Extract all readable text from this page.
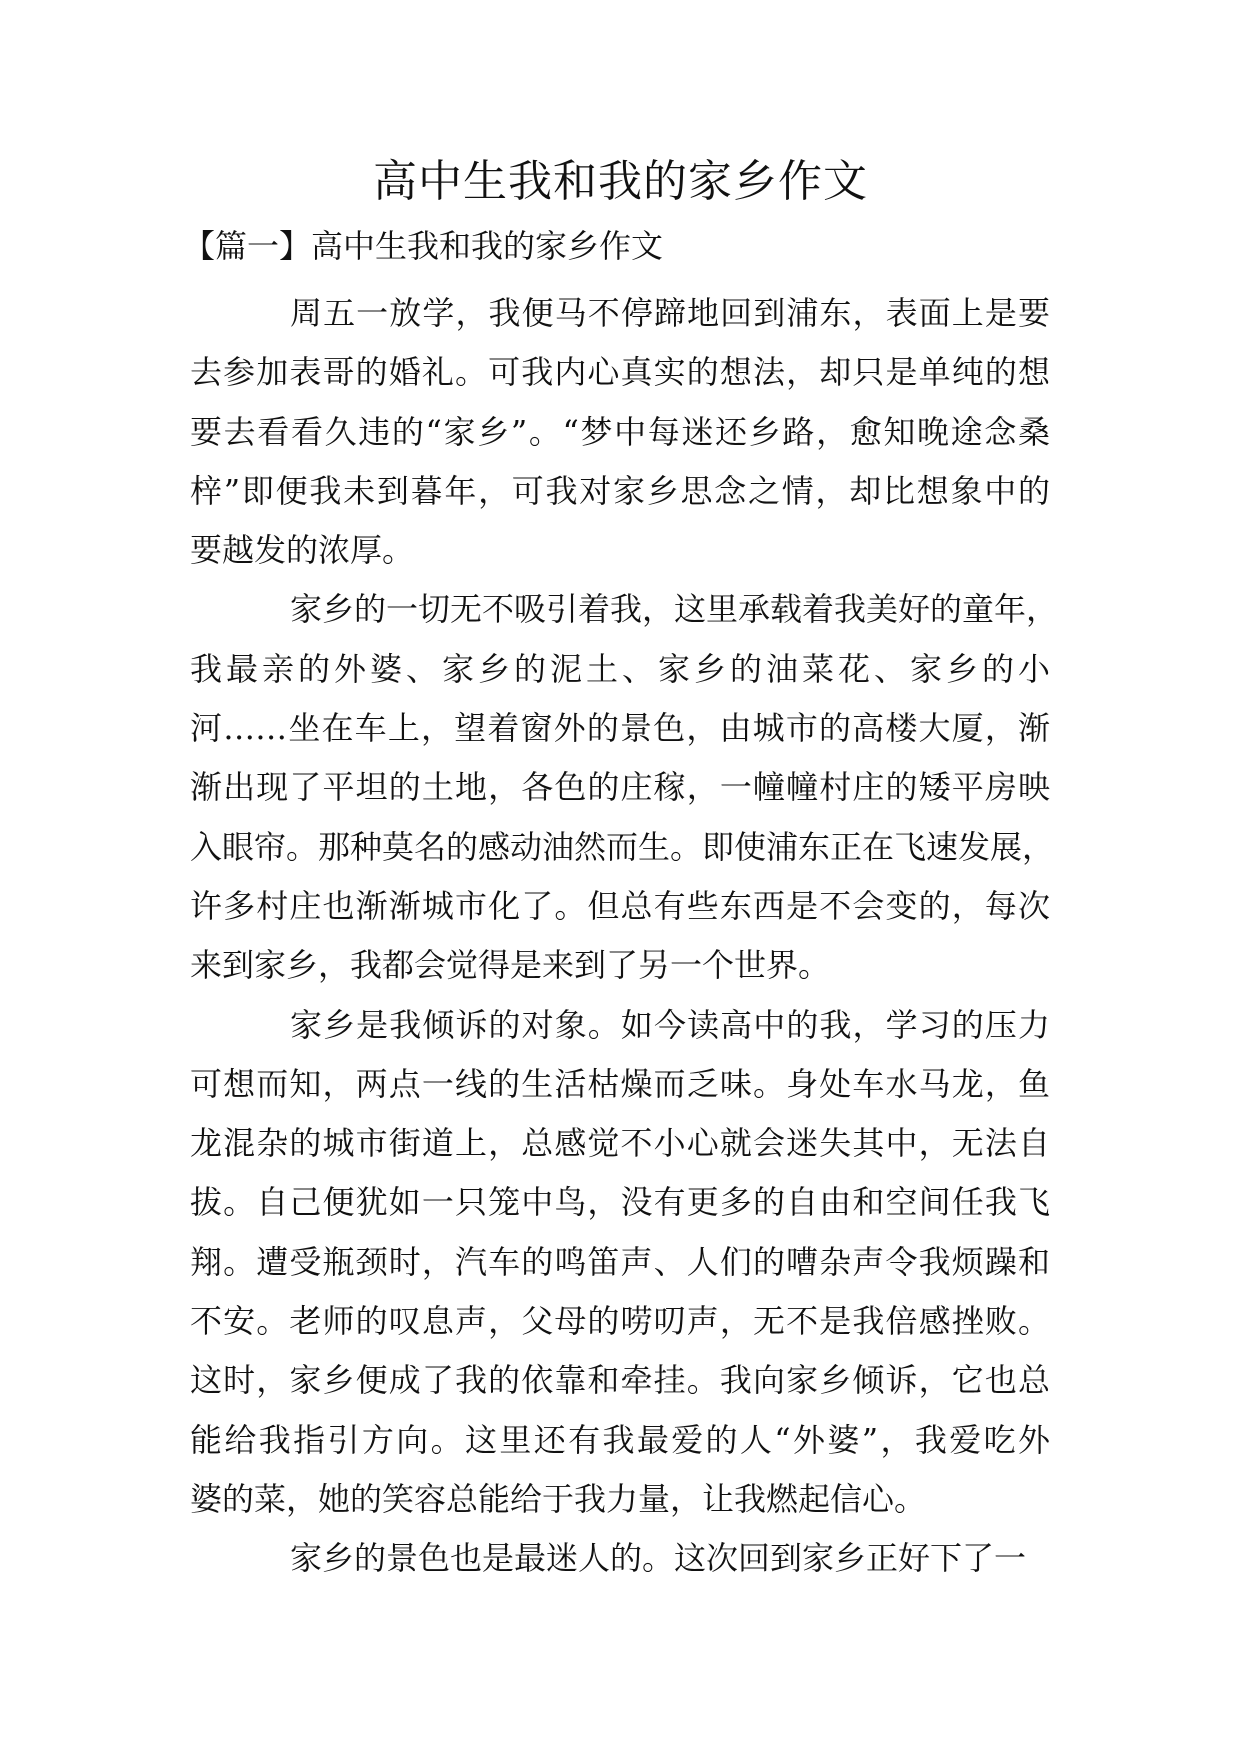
高中生我和我的家乡作文
【篇一】高中生我和我的家乡作文
周五一放学，我便马不停蹄地回到浦东，表面上是要
去参加表哥的婚礼。可我内心真实的想法，却只是单纯的想
要去看看久违的“家乡”。“梦中每迷还乡路，愈知晚途念桑
梓”即便我未到暮年，可我对家乡思念之情，却比想象中的
要越发的浓厚。
家乡的一切无不吸引着我，这里承载着我美好的童年，
我最亲的外婆、家乡的泥土、家乡的油菜花、家乡的小
河……坐在车上，望着窗外的景色，由城市的高楼大厦，渐
渐出现了平坦的土地，各色的庄稼，一幢幢村庄的矮平房映
入眼帘。那种莫名的感动油然而生。即使浦东正在飞速发展，
许多村庄也渐渐城市化了。但总有些东西是不会变的，每次
来到家乡，我都会觉得是来到了另一个世界。
家乡是我倾诉的对象。如今读高中的我，学习的压力
可想而知，两点一线的生活枯燥而乏味。身处车水马龙，鱼
龙混杂的城市街道上，总感觉不小心就会迷失其中，无法自
拔。自己便犹如一只笼中鸟，没有更多的自由和空间任我飞
翔。遭受瓶颈时，汽车的鸣笛声、人们的嘈杂声令我烦躁和
不安。老师的叹息声，父母的唠叨声，无不是我倍感挫败。
这时，家乡便成了我的依靠和牵挂。我向家乡倾诉，它也总
能给我指引方向。这里还有我最爱的人“外婆”，我爱吃外
婆的菜，她的笑容总能给于我力量，让我燃起信心。
家乡的景色也是最迷人的。这次回到家乡正好下了一
